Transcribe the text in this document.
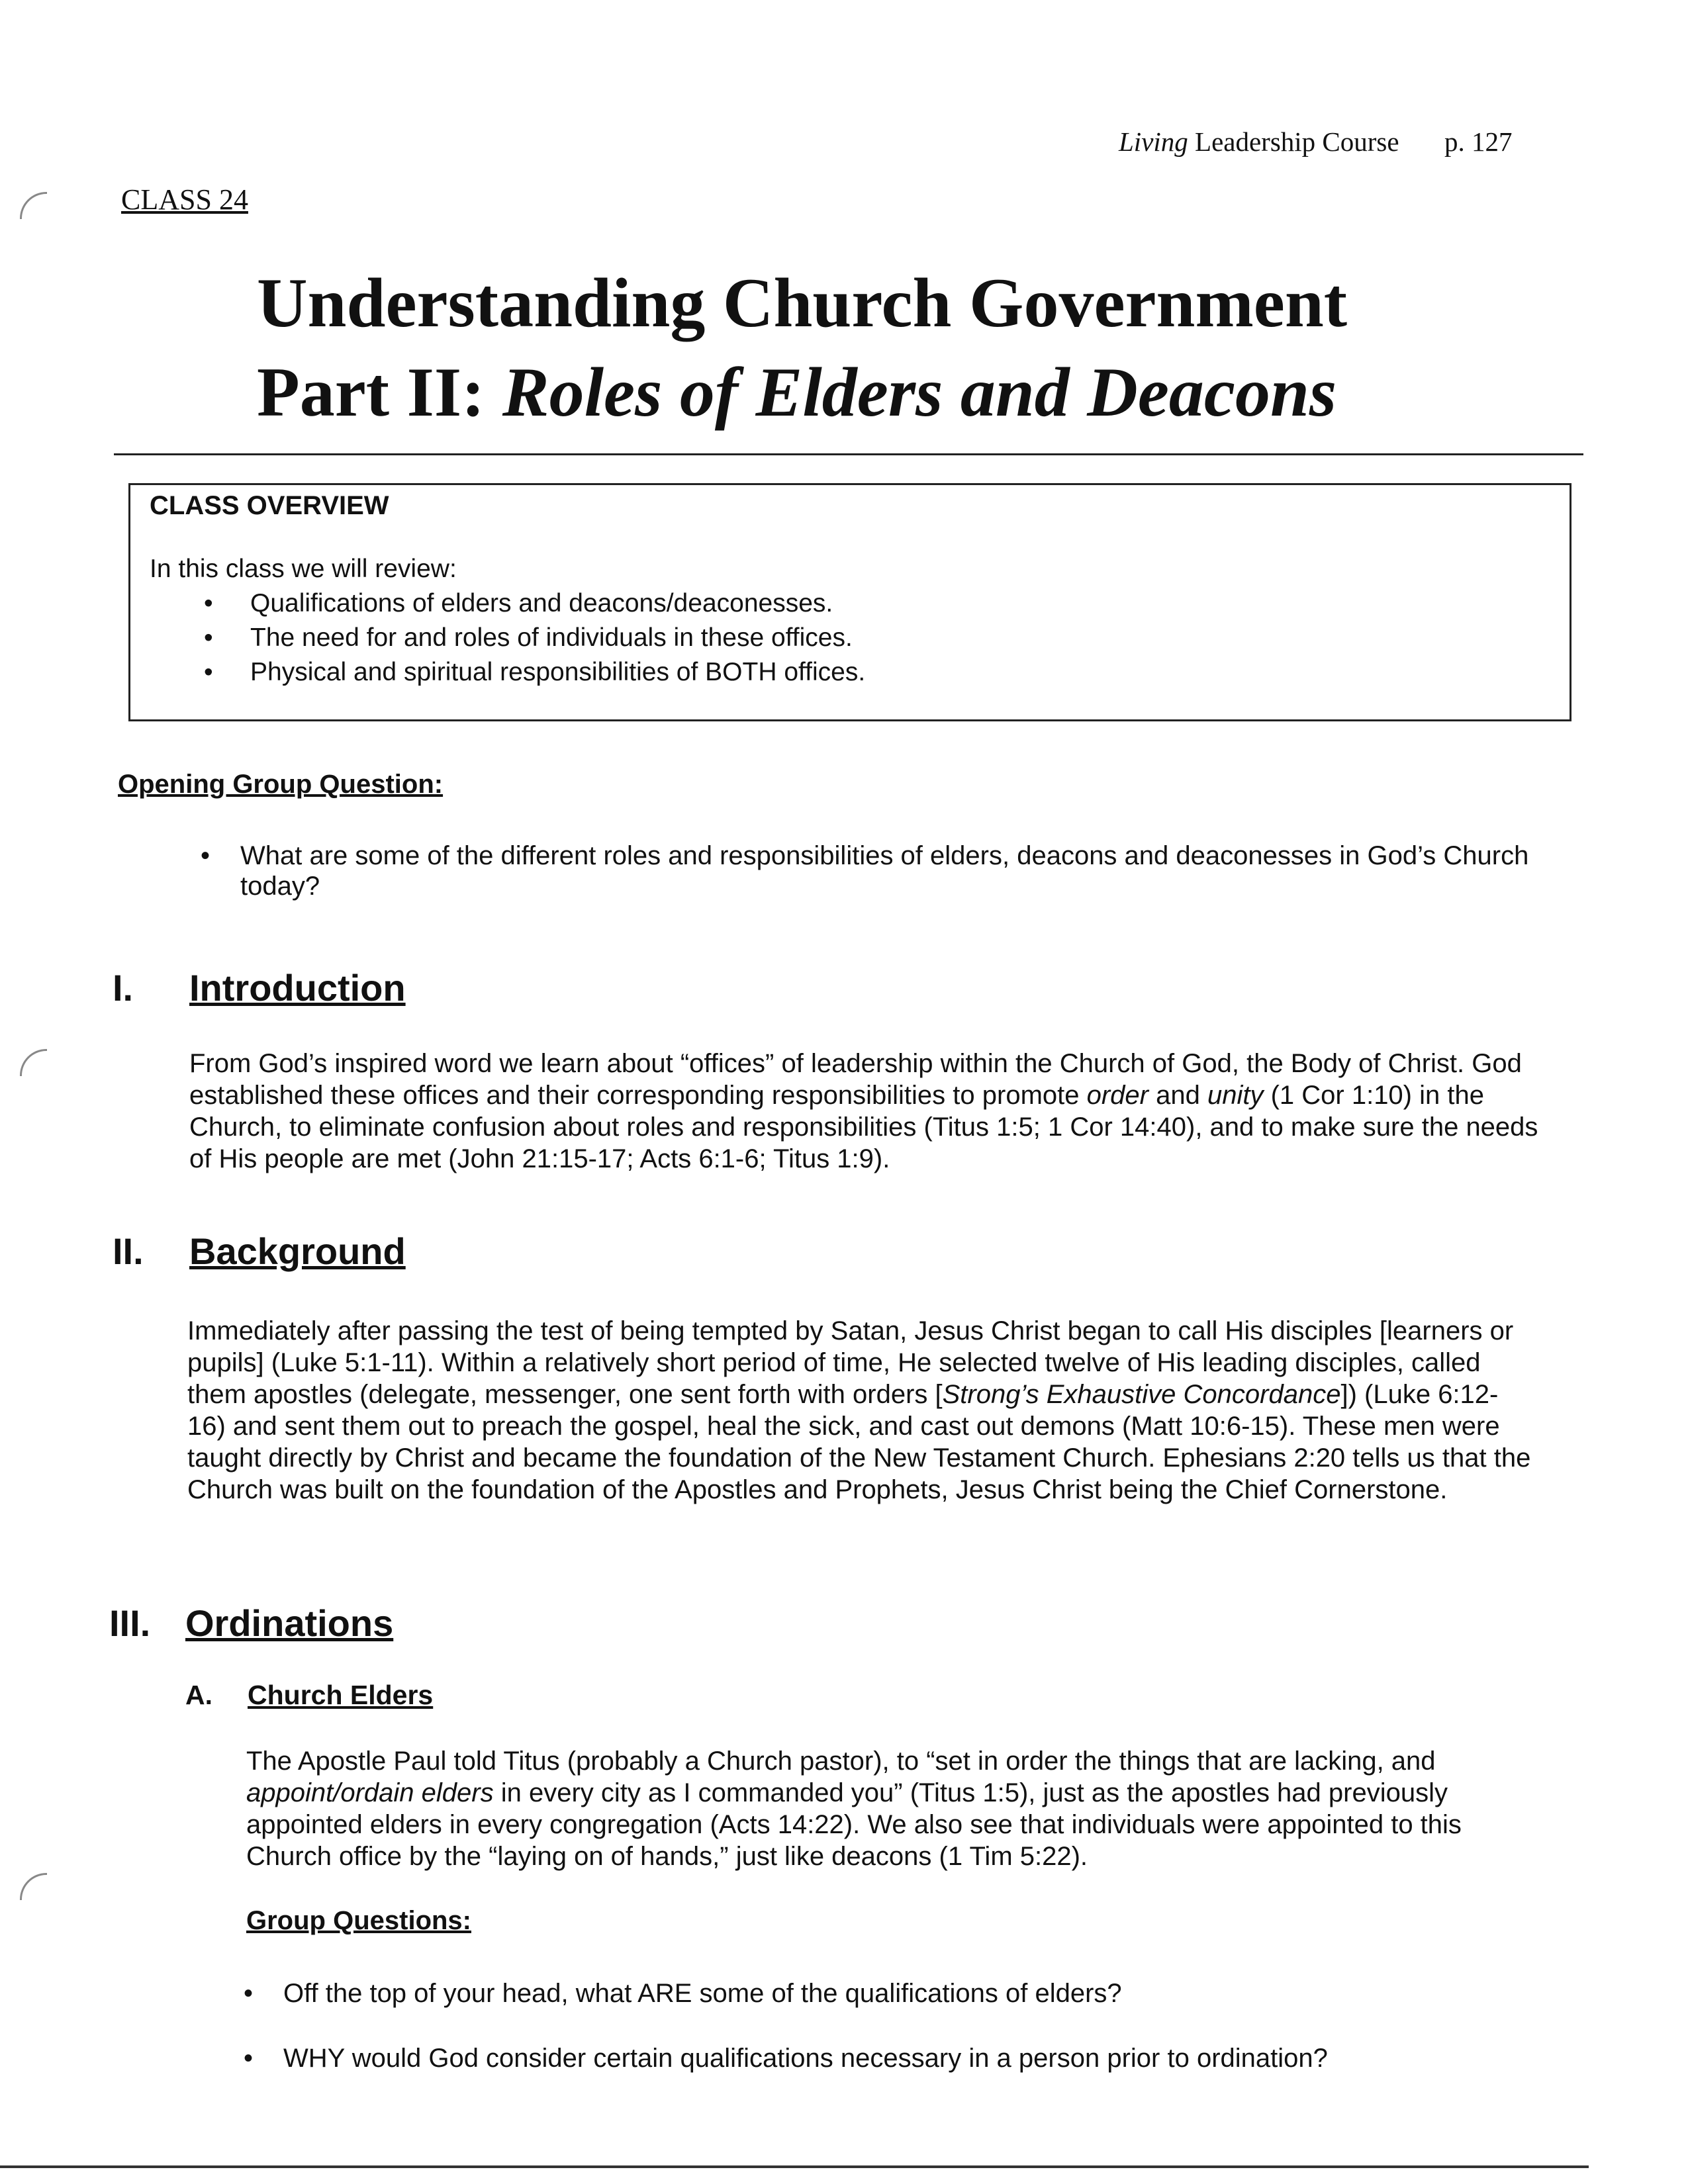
Living Leadership Course p. 127
CLASS 24
Understanding Church Government
Part II: Roles of Elders and Deacons
CLASS OVERVIEW
In this class we will review:
• Qualifications of elders and deacons/deaconesses.
• The need for and roles of individuals in these offices.
• Physical and spiritual responsibilities of BOTH offices.
Opening Group Question:
• What are some of the different roles and responsibilities of elders, deacons and deaconesses in God’s Church today?
I. Introduction
From God’s inspired word we learn about “offices” of leadership within the Church of God, the Body of Christ. God established these offices and their corresponding responsibilities to promote order and unity (1 Cor 1:10) in the Church, to eliminate confusion about roles and responsibilities (Titus 1:5; 1 Cor 14:40), and to make sure the needs of His people are met (John 21:15-17; Acts 6:1-6; Titus 1:9).
II. Background
Immediately after passing the test of being tempted by Satan, Jesus Christ began to call His disciples [learners or pupils] (Luke 5:1-11). Within a relatively short period of time, He selected twelve of His leading disciples, called them apostles (delegate, messenger, one sent forth with orders [Strong’s Exhaustive Concordance]) (Luke 6:12-16) and sent them out to preach the gospel, heal the sick, and cast out demons (Matt 10:6-15). These men were taught directly by Christ and became the foundation of the New Testament Church. Ephesians 2:20 tells us that the Church was built on the foundation of the Apostles and Prophets, Jesus Christ being the Chief Cornerstone.
III. Ordinations
A. Church Elders
The Apostle Paul told Titus (probably a Church pastor), to “set in order the things that are lacking, and appoint/ordain elders in every city as I commanded you” (Titus 1:5), just as the apostles had previously appointed elders in every congregation (Acts 14:22). We also see that individuals were appointed to this Church office by the “laying on of hands,” just like deacons (1 Tim 5:22).
Group Questions:
• Off the top of your head, what ARE some of the qualifications of elders?
• WHY would God consider certain qualifications necessary in a person prior to ordination?
